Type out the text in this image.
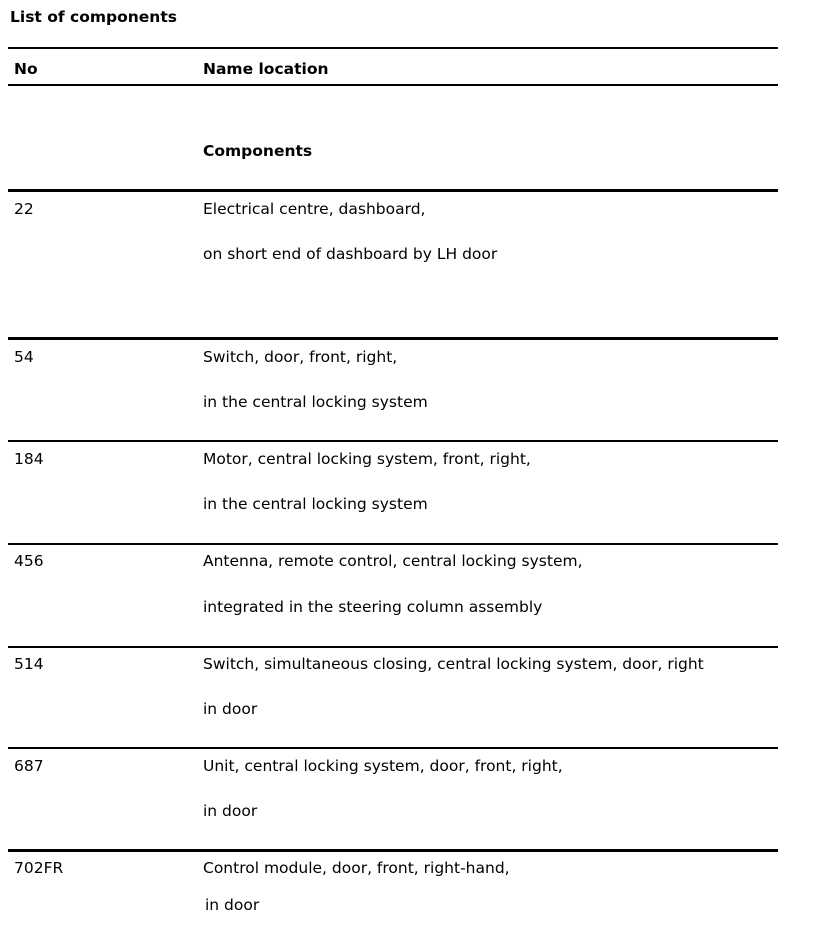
List of components
No	Name location
Components
22	Electrical centre, dashboard,
on short end of dashboard by LH door
54	Switch, door, front, right,
in the central locking system
184	Motor, central locking system, front, right,
in the central locking system
456	Antenna, remote control, central locking system,
integrated in the steering column assembly
514	Switch, simultaneous closing, central locking system, door, right
in door
687	Unit, central locking system, door, front, right,
in door
702FR	Control module, door, front, right-hand,
in door
